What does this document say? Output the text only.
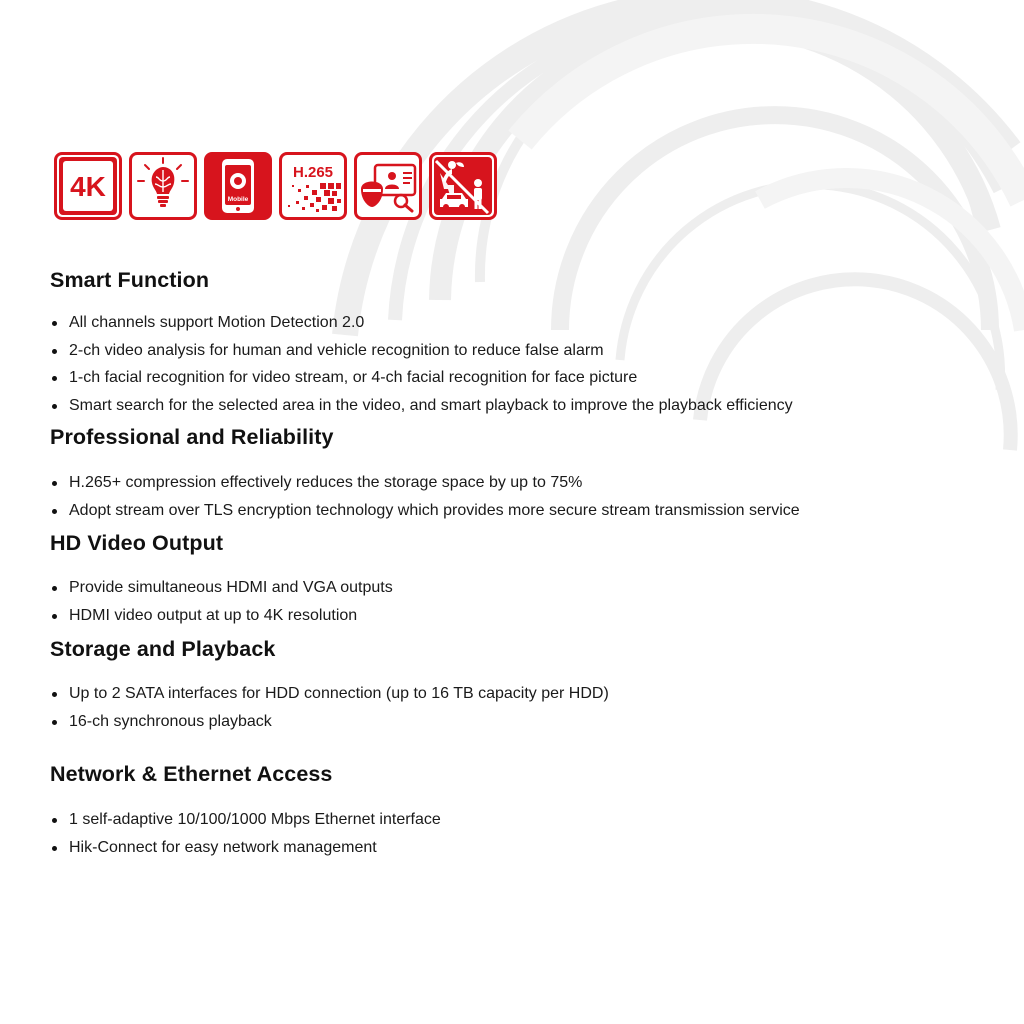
4K	Mobile
H.265
Smart Function
All channels support Motion Detection 2.0
2-ch video analysis for human and vehicle recognition to reduce false alarm
1-ch facial recognition for video stream, or 4-ch facial recognition for face picture
Smart search for the selected area in the video, and smart playback to improve the playback efficiency
Professional and Reliability
H.265+ compression effectively reduces the storage space by up to 75%
Adopt stream over TLS encryption technology which provides more secure stream transmission service
HD Video Output
Provide simultaneous HDMI and VGA outputs
HDMI video output at up to 4K resolution
Storage and Playback
Up to 2 SATA interfaces for HDD connection (up to 16 TB capacity per HDD)
16-ch synchronous playback
Network & Ethernet Access
1 self-adaptive 10/100/1000 Mbps Ethernet interface
Hik-Connect for easy network management
